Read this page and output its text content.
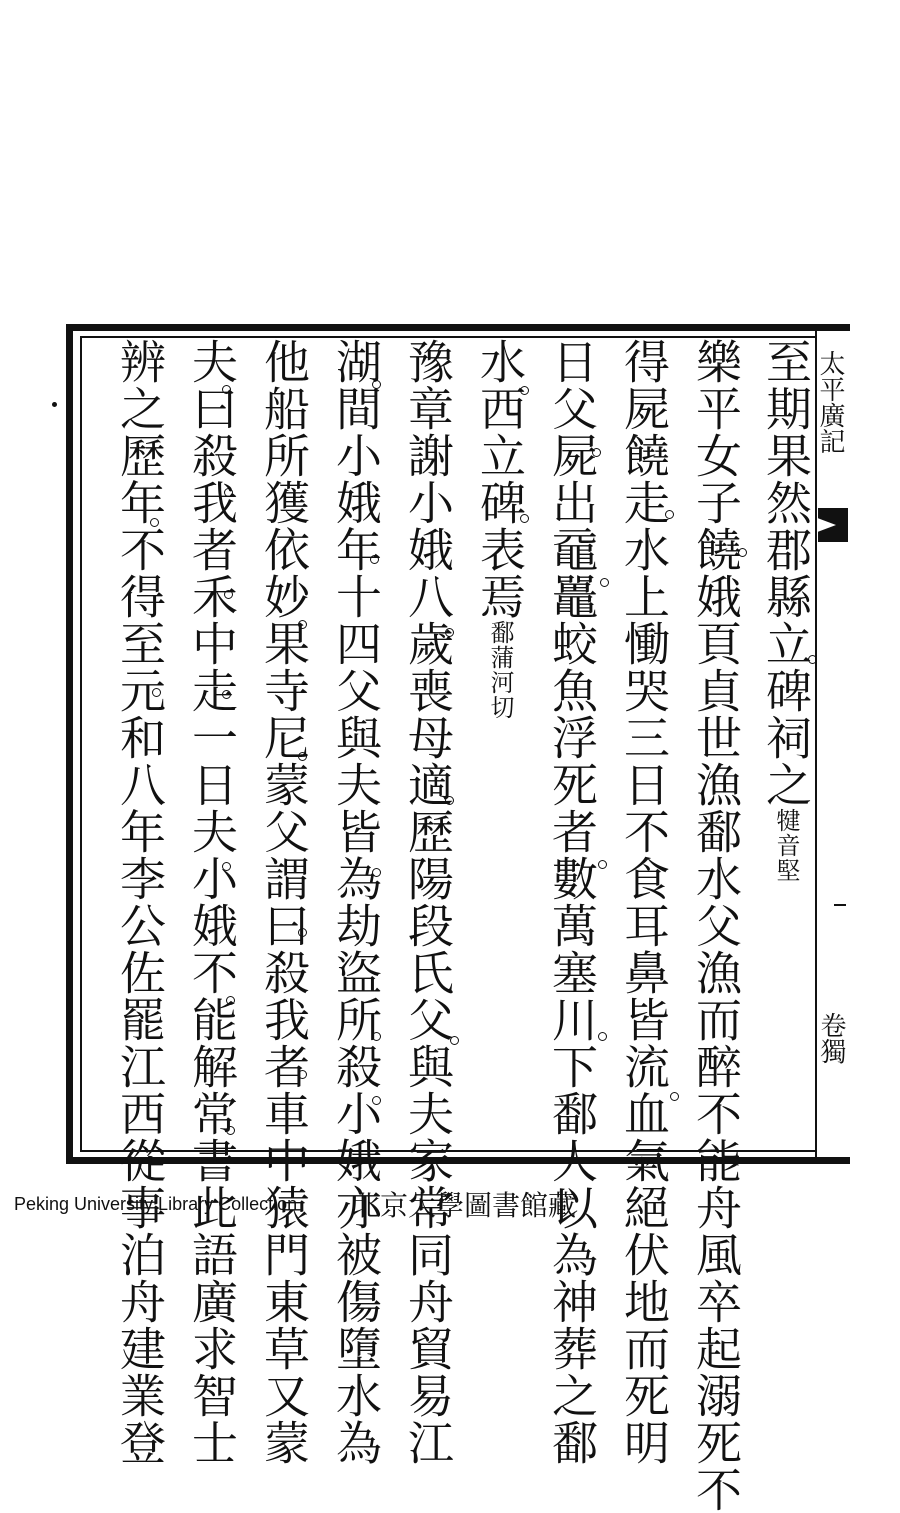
太平廣記
卷獨
至期果然郡縣立碑祠之犍音堅
樂平女子饒娥頁貞世漁鄱水父漁而醉不能舟風卒起溺死不
得屍饒走水上慟哭三日不食耳鼻皆流血氣絕伏地而死明
日父屍出黿鼉蛟魚浮死者數萬塞川下鄱人以為神葬之鄱
水西立碑表焉鄱蒲河切
豫章謝小娥八歲喪母適歷陽段氏父與夫家常同舟貿易江
湖間小娥年十四父與夫皆為劫盜所殺小娥亦被傷墮水為
他船所獲依妙果寺尼蒙父謂曰殺我者車中猿門東草又蒙
夫曰殺我者禾中走一日夫小娥不能解常書此語廣求智士
辨之歷年不得至元和八年李公佐罷江西從事泊舟建業登
Peking University Library Collection 北京大學圖書館藏
